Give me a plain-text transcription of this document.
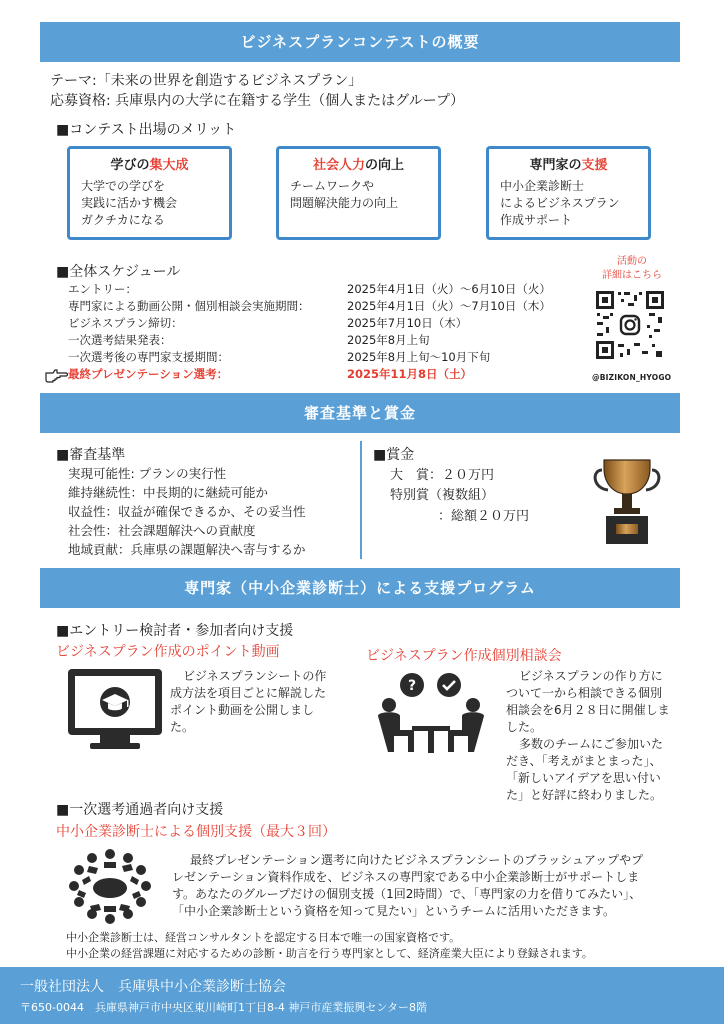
ビジネスプランコンテストの概要
テーマ:「未来の世界を創造するビジネスプラン」
応募資格: 兵庫県内の大学に在籍する学生（個人またはグループ）
■コンテスト出場のメリット
学びの集大成
大学での学びを
実践に活かす機会
ガクチカになる
社会人力の向上
チームワークや
問題解決能力の向上
専門家の支援
中小企業診断士
によるビジネスプラン
作成サポート
■全体スケジュール
エントリー：	2025年4月1日（火）～6月10日（火）
専門家による動画公開・個別相談会実施期間：	2025年4月1日（火）～7月10日（木）
ビジネスプラン締切：	2025年7月10日（木）
一次選考結果発表：	2025年8月上旬
一次選考後の専門家支援期間：	2025年8月上旬～10月下旬
最終プレゼンテーション選考：	2025年11月8日（土）
活動の
詳細はこちら
@BIZIKON_HYOGO
審査基準と賞金
■審査基準
実現可能性: プランの実行性
維持継続性：中長期的に継続可能か
収益性：収益が確保できるか、その妥当性
社会性：社会課題解決への貢献度
地域貢献：兵庫県の課題解決へ寄与するか
■賞金
大　賞：２０万円
特別賞（複数組）
：総額２０万円
専門家（中小企業診断士）による支援プログラム
■エントリー検討者・参加者向け支援
ビジネスプラン作成のポイント動画
ビジネスプランシートの作
成方法を項目ごとに解説した
ポイント動画を公開しまし
た。
ビジネスプラン作成個別相談会
?
ビジネスプランの作り方に
ついて一から相談できる個別
相談会を6月２８日に開催しま
した。
多数のチームにご参加いた
だき、「考えがまとまった」、
「新しいアイデアを思い付い
た」と好評に終わりました。
■一次選考通過者向け支援
中小企業診断士による個別支援（最大３回）
最終プレゼンテーション選考に向けたビジネスプランシートのブラッシュアップやプ
レゼンテーション資料作成を、ビジネスの専門家である中小企業診断士がサポートしま
す。あなたのグループだけの個別支援（1回2時間）で、「専門家の力を借りてみたい」、
「中小企業診断士という資格を知って見たい」というチームに活用いただきます。
中小企業診断士は、経営コンサルタントを認定する日本で唯一の国家資格です。
中小企業の経営課題に対応するための診断・助言を行う専門家として、経済産業大臣により登録されます。
一般社団法人　兵庫県中小企業診断士協会
〒650-0044　兵庫県神戸市中央区東川崎町1丁目8-4 神戸市産業振興センター8階
